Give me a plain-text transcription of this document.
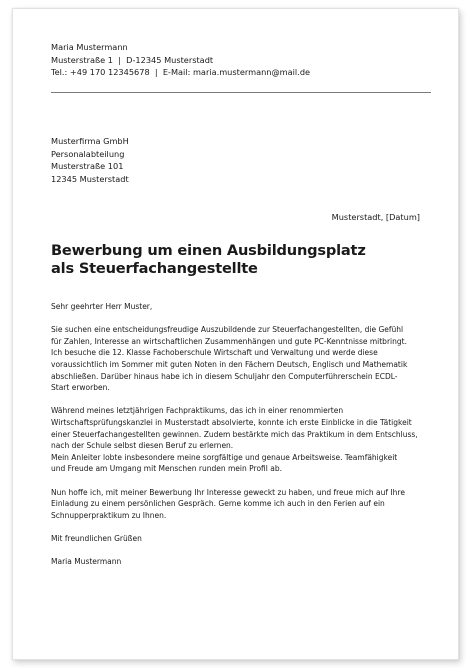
Maria Mustermann
Musterstraße 1  |  D-12345 Musterstadt
Tel.: +49 170 12345678  |  E-Mail: maria.mustermann@mail.de
Musterfirma GmbH
Personalabteilung
Musterstraße 101
12345 Musterstadt
Musterstadt, [Datum]
Bewerbung um einen Ausbildungsplatz
als Steuerfachangestellte
Sehr geehrter Herr Muster,
Sie suchen eine entscheidungsfreudige Auszubildende zur Steuerfachangestellten, die Gefühl
für Zahlen, Interesse an wirtschaftlichen Zusammenhängen und gute PC-Kenntnisse mitbringt.
Ich besuche die 12. Klasse Fachoberschule Wirtschaft und Verwaltung und werde diese
voraussichtlich im Sommer mit guten Noten in den Fächern Deutsch, Englisch und Mathematik
abschließen. Darüber hinaus habe ich in diesem Schuljahr den Computerführerschein ECDL-
Start erworben.
Während meines letztjährigen Fachpraktikums, das ich in einer renommierten
Wirtschaftsprüfungskanzlei in Musterstadt absolvierte, konnte ich erste Einblicke in die Tätigkeit
einer Steuerfachangestellten gewinnen. Zudem bestärkte mich das Praktikum in dem Entschluss,
nach der Schule selbst diesen Beruf zu erlernen.
Mein Anleiter lobte insbesondere meine sorgfältige und genaue Arbeitsweise. Teamfähigkeit
und Freude am Umgang mit Menschen runden mein Profil ab.
Nun hoffe ich, mit meiner Bewerbung Ihr Interesse geweckt zu haben, und freue mich auf Ihre
Einladung zu einem persönlichen Gespräch. Gerne komme ich auch in den Ferien auf ein
Schnupperpraktikum zu Ihnen.
Mit freundlichen Grüßen
Maria Mustermann
